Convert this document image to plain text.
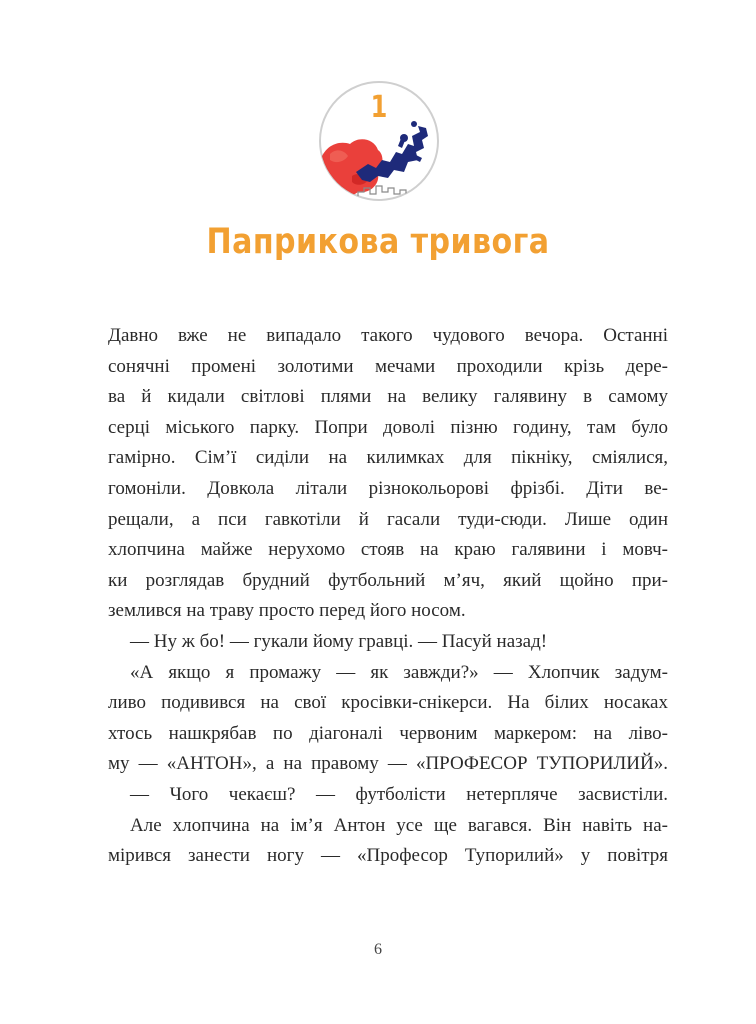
1
Паприкова тривога
Давно вже не випадало такого чудового вечора. Останні
сонячні промені золотими мечами проходили крізь дере-
ва й кидали світлові плями на велику галявину в самому
серці міського парку. Попри доволі пізню годину, там було
гамірно. Сім’ї сиділи на килимках для пікніку, сміялися,
гомоніли. Довкола літали різнокольорові фрізбі. Діти ве-
рещали, а пси гавкотіли й гасали туди-сюди. Лише один
хлопчина майже нерухомо стояв на краю галявини і мовч-
ки розглядав брудний футбольний м’яч, який щойно при-
землився на траву просто перед його носом.
— Ну ж бо! — гукали йому гравці. — Пасуй назад!
«А якщо я промажу — як завжди?» — Хлопчик задум-
ливо подивився на свої кросівки-снікерси. На білих носаках
хтось нашкрябав по діагоналі червоним маркером: на ліво-
му — «АНТОН», а на правому — «ПРОФЕСОР ТУПОРИЛИЙ».
— Чого чекаєш? — футболісти нетерпляче засвистіли.
Але хлопчина на ім’я Антон усе ще вагався. Він навіть на-
мірився занести ногу — «Професор Тупорилий» у повітря
6
